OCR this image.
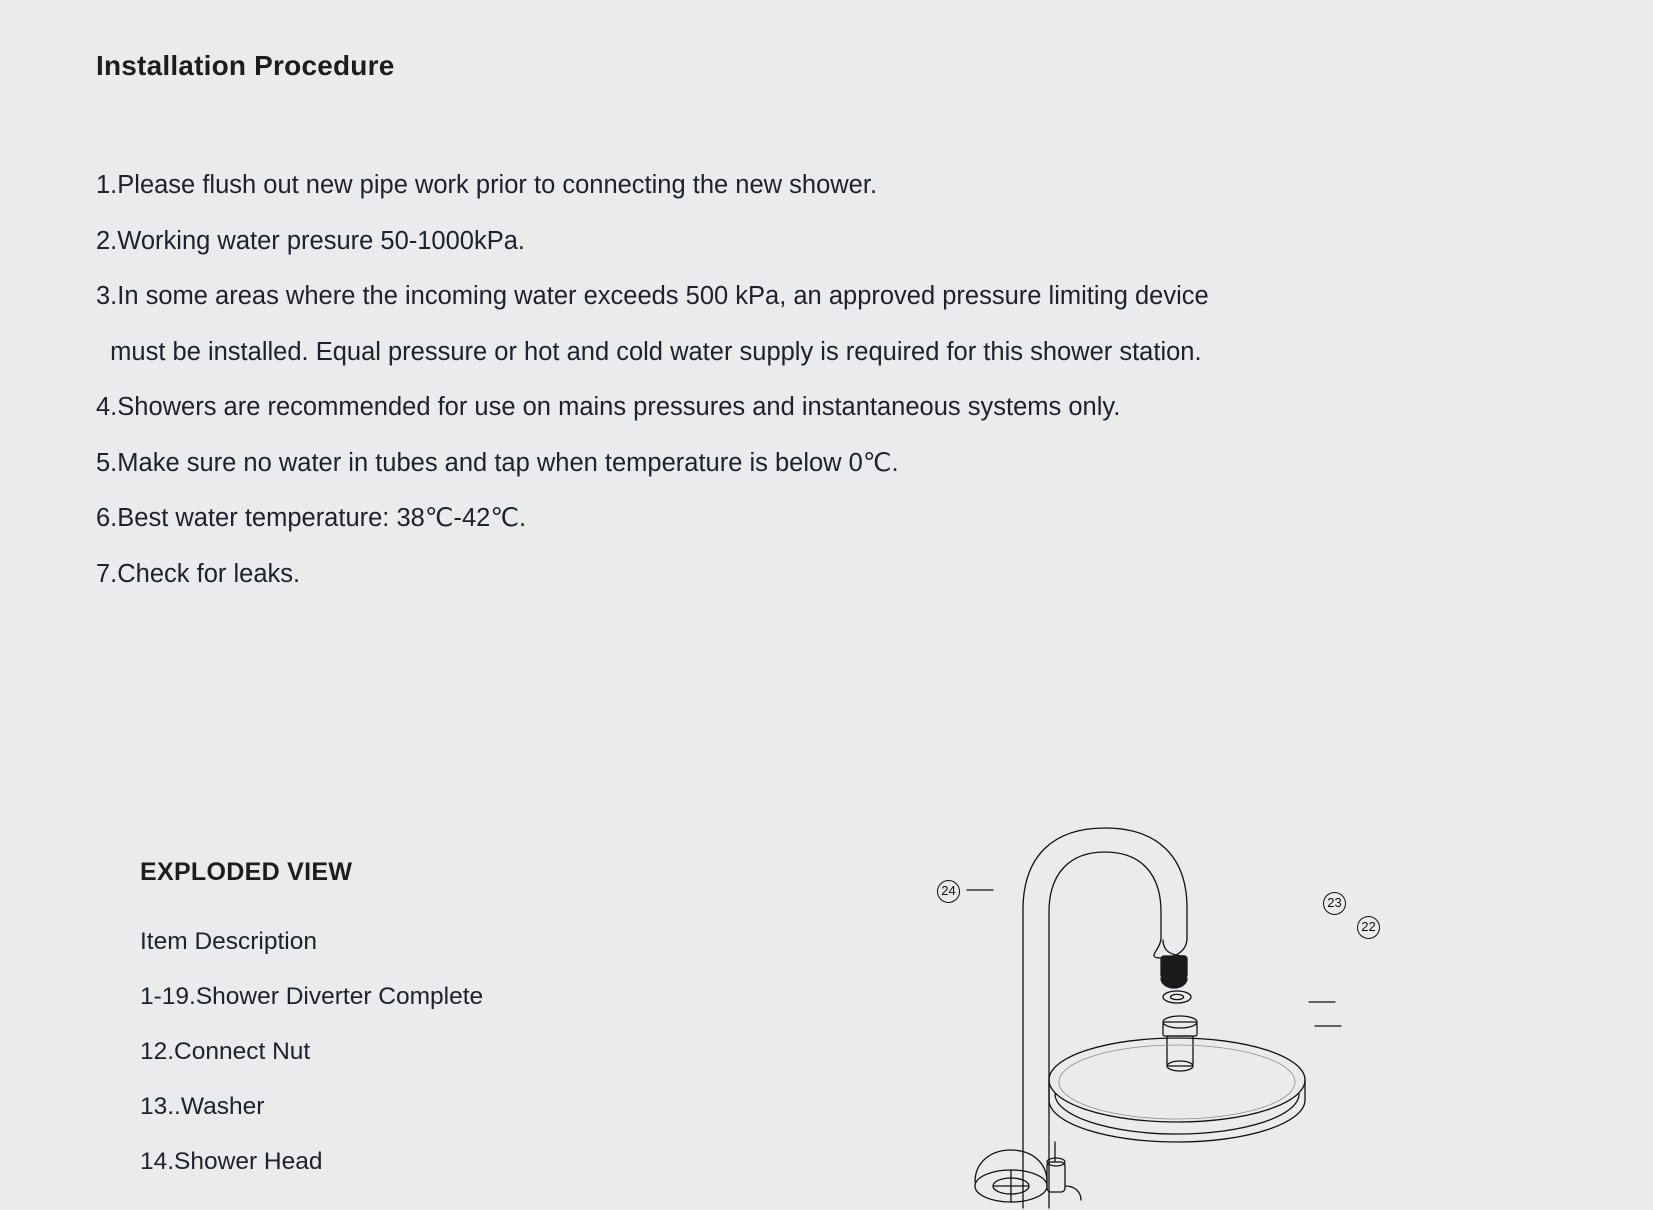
Installation Procedure
1.Please flush out new pipe work prior to connecting the new shower.
2.Working water presure 50-1000kPa.
3.In some areas where the incoming water exceeds 500 kPa, an approved pressure limiting device
must be installed. Equal pressure or hot and cold water supply is required for this shower station.
4.Showers are recommended for use on mains pressures and instantaneous systems only.
5.Make sure no water in tubes and tap when temperature is below 0℃.
6.Best water temperature: 38℃-42℃.
7.Check for leaks.
EXPLODED VIEW
Item Description
1-19.Shower Diverter Complete
12.Connect Nut
13..Washer
14.Shower Head
24
23
22
